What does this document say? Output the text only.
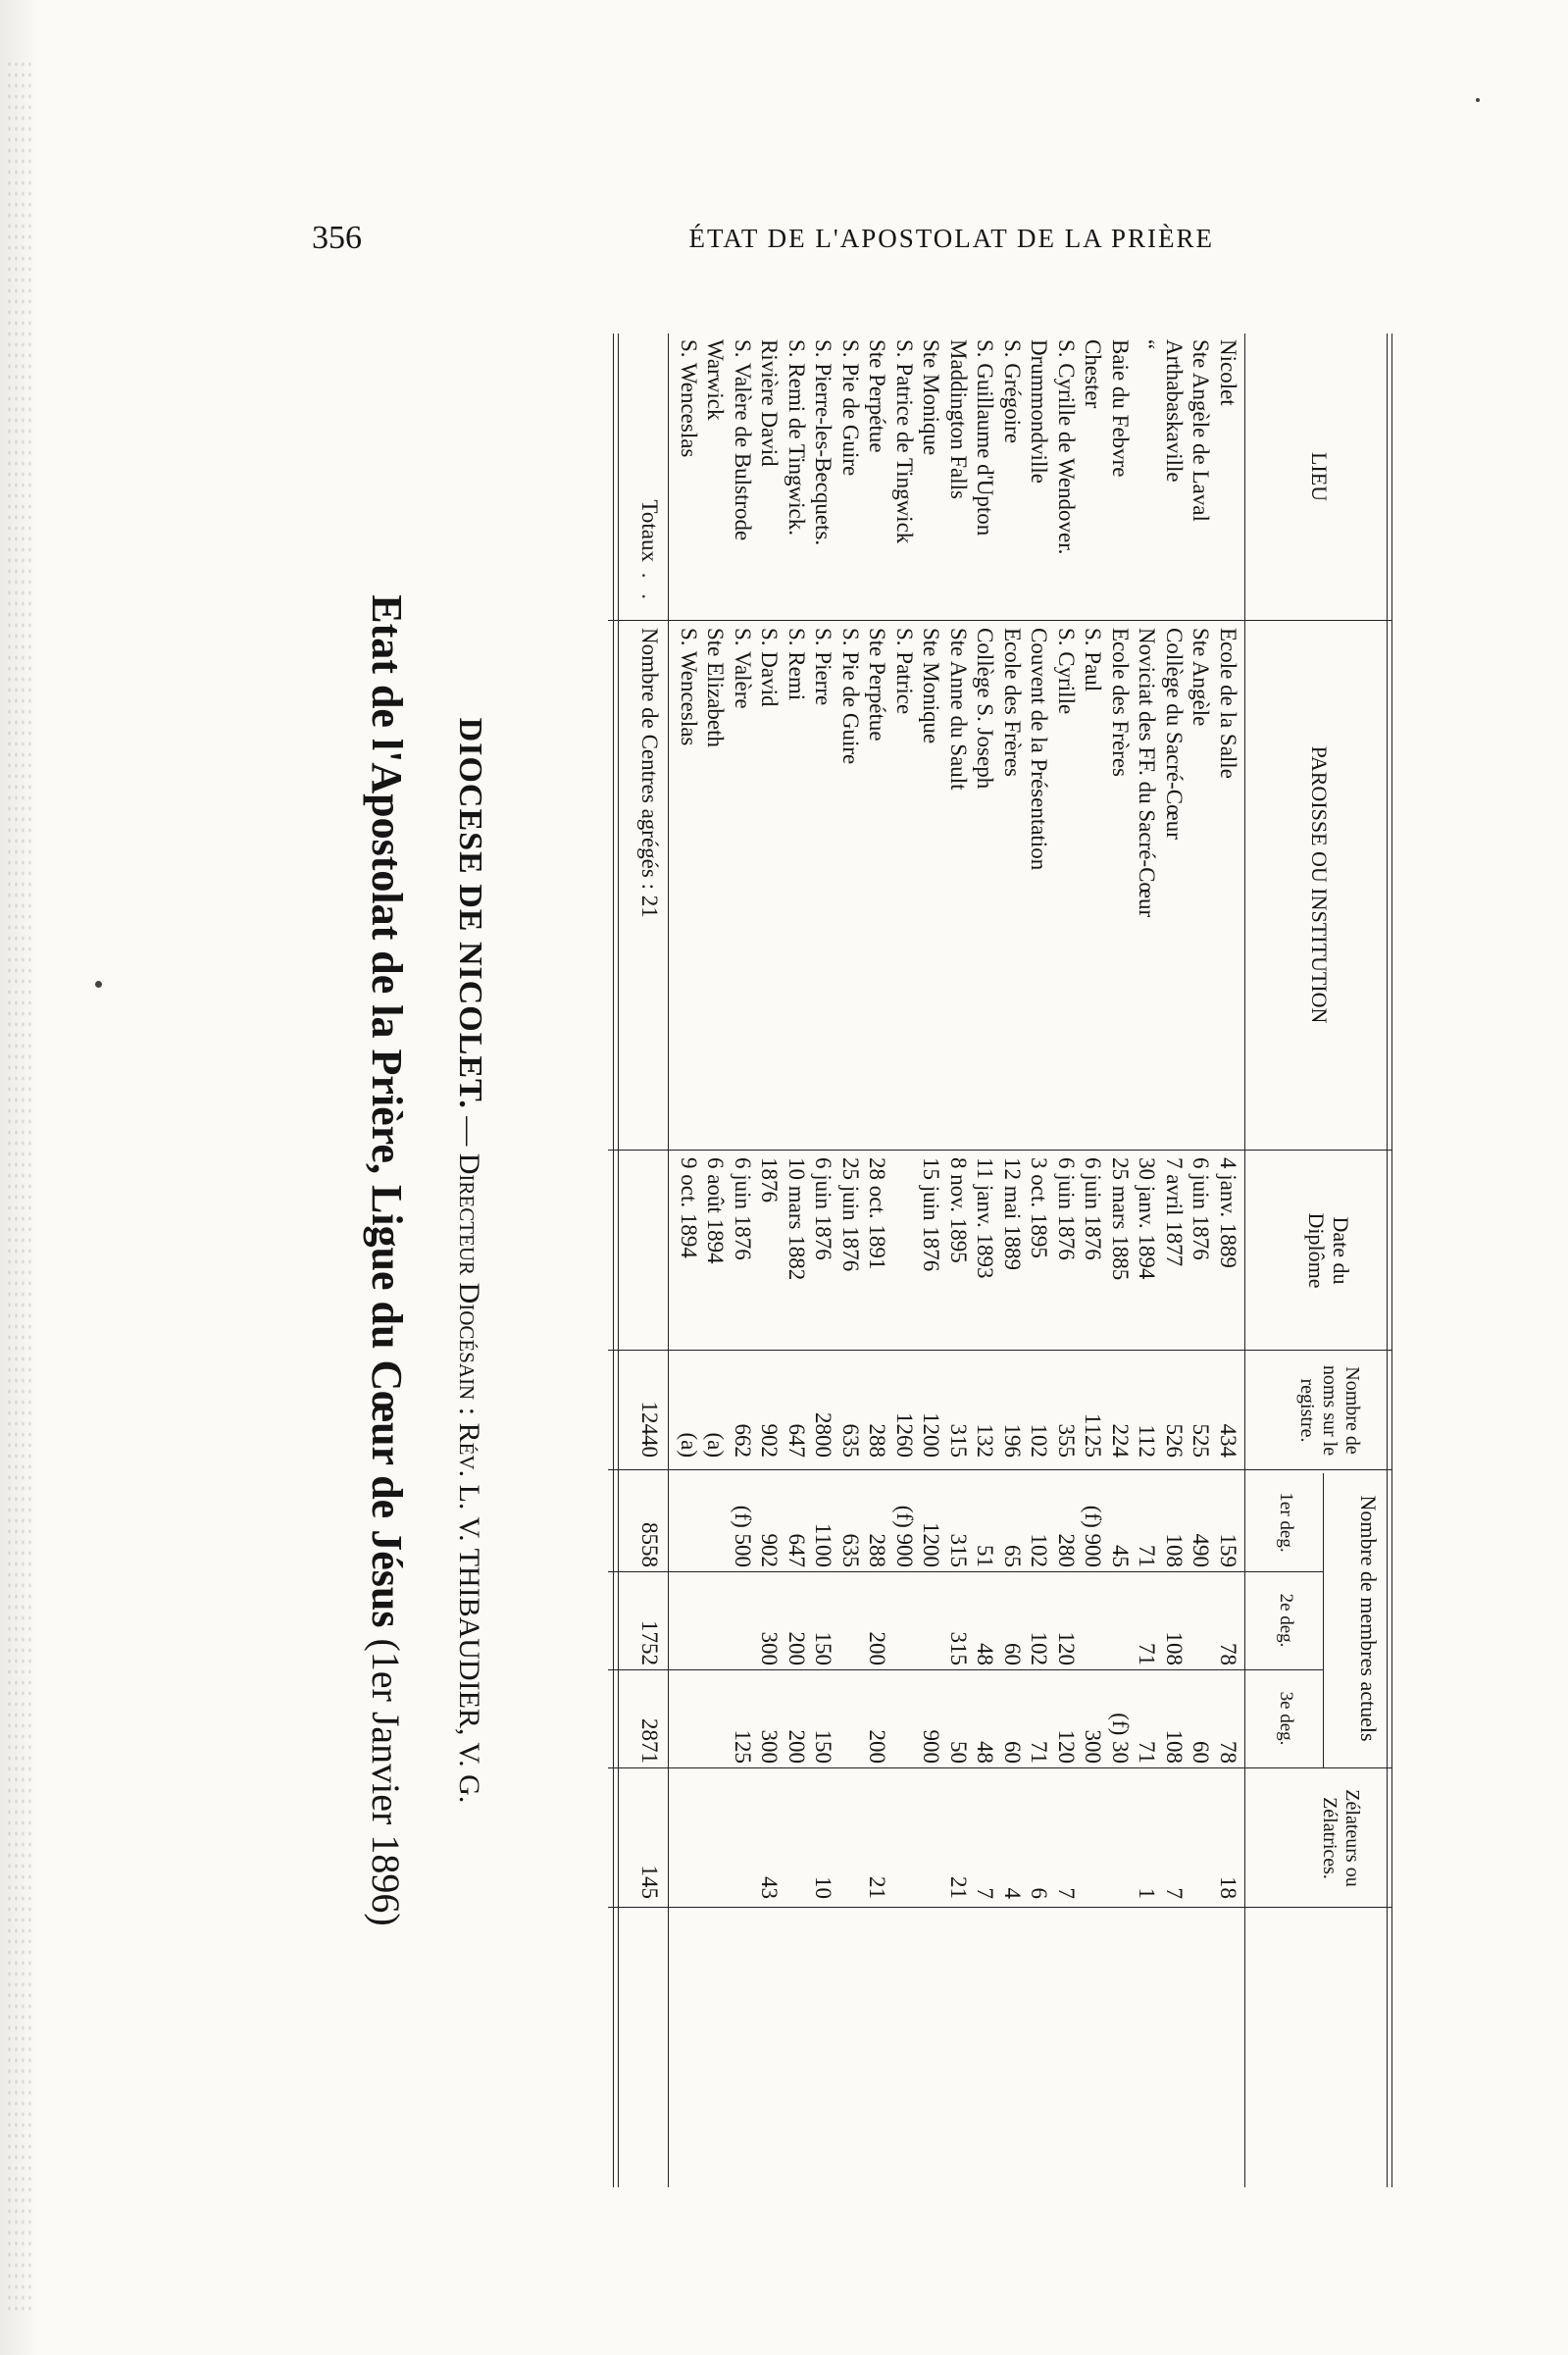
356	ÉTAT DE L'APOSTOLAT DE LA PRIÈRE
Etat de l'Apostolat de la Prière, Ligue du Cœur de Jésus (1er Janvier 1896)
DIOCESE DE NICOLET. — Directeur Diocésain : Rév. L. V. THIBAUDIER, V. G.
LIEU
PAROISSE OU INSTITUTION
Date du Diplôme
Nombre de noms sur le registre.
Nombre de membres actuels
1er deg.
2e deg.
3e deg.
Zélateurs ou Zélatrices.
Nicolet
Ecole de la Salle
4 janv. 1889
434
159
78
78
18
Ste Angèle de Laval
Ste Angèle
6 juin 1876
525
490
60
Arthabaskaville
Collège du Sacré-Cœur
7 avril 1877
526
108
108
108
7
“
Noviciat des FF. du Sacré-Cœur
30 janv. 1894
112
71
71
71
1
Baie du Febvre
Ecole des Frères
25 mars 1885
224
45
(f) 30
Chester
S. Paul
6 juin 1876
1125
(f) 900
300
S. Cyrille de Wendover.
S. Cyrille
6 juin 1876
355
280
120
120
7
Drummondville
Couvent de la Présentation
3 oct. 1895
102
102
102
71
6
S. Grégoire
Ecole des Frères
12 mai 1889
196
65
60
60
4
S. Guillaume d'Upton
Collège S. Joseph
11 janv. 1893
132
51
48
48
7
Maddington Falls
Ste Anne du Sault
8 nov. 1895
315
315
315
50
21
Ste Monique
Ste Monique
15 juin 1876
1200
1200
900
S. Patrice de Tingwick
S. Patrice
1260
(f) 900
Ste Perpétue
Ste Perpétue
28 oct. 1891
288
288
200
200
21
S. Pie de Guire
S. Pie de Guire
25 juin 1876
635
635
S. Pierre-les-Becquets.
S. Pierre
6 juin 1876
2800
1100
150
150
10
S. Remi de Tingwick.
S. Remi
10 mars 1882
647
647
200
200
Rivière David
S. David
1876
902
902
300
300
43
S. Valère de Bulstrode
S. Valère
6 juin 1876
662
(f) 500
125
Warwick
Ste Elizabeth
6 août 1894
(a)
S. Wenceslas
S. Wenceslas
9 oct. 1894
(a)
Totaux . .
Nombre de Centres agrégés : 21
12440
8558
1752
2871
145
